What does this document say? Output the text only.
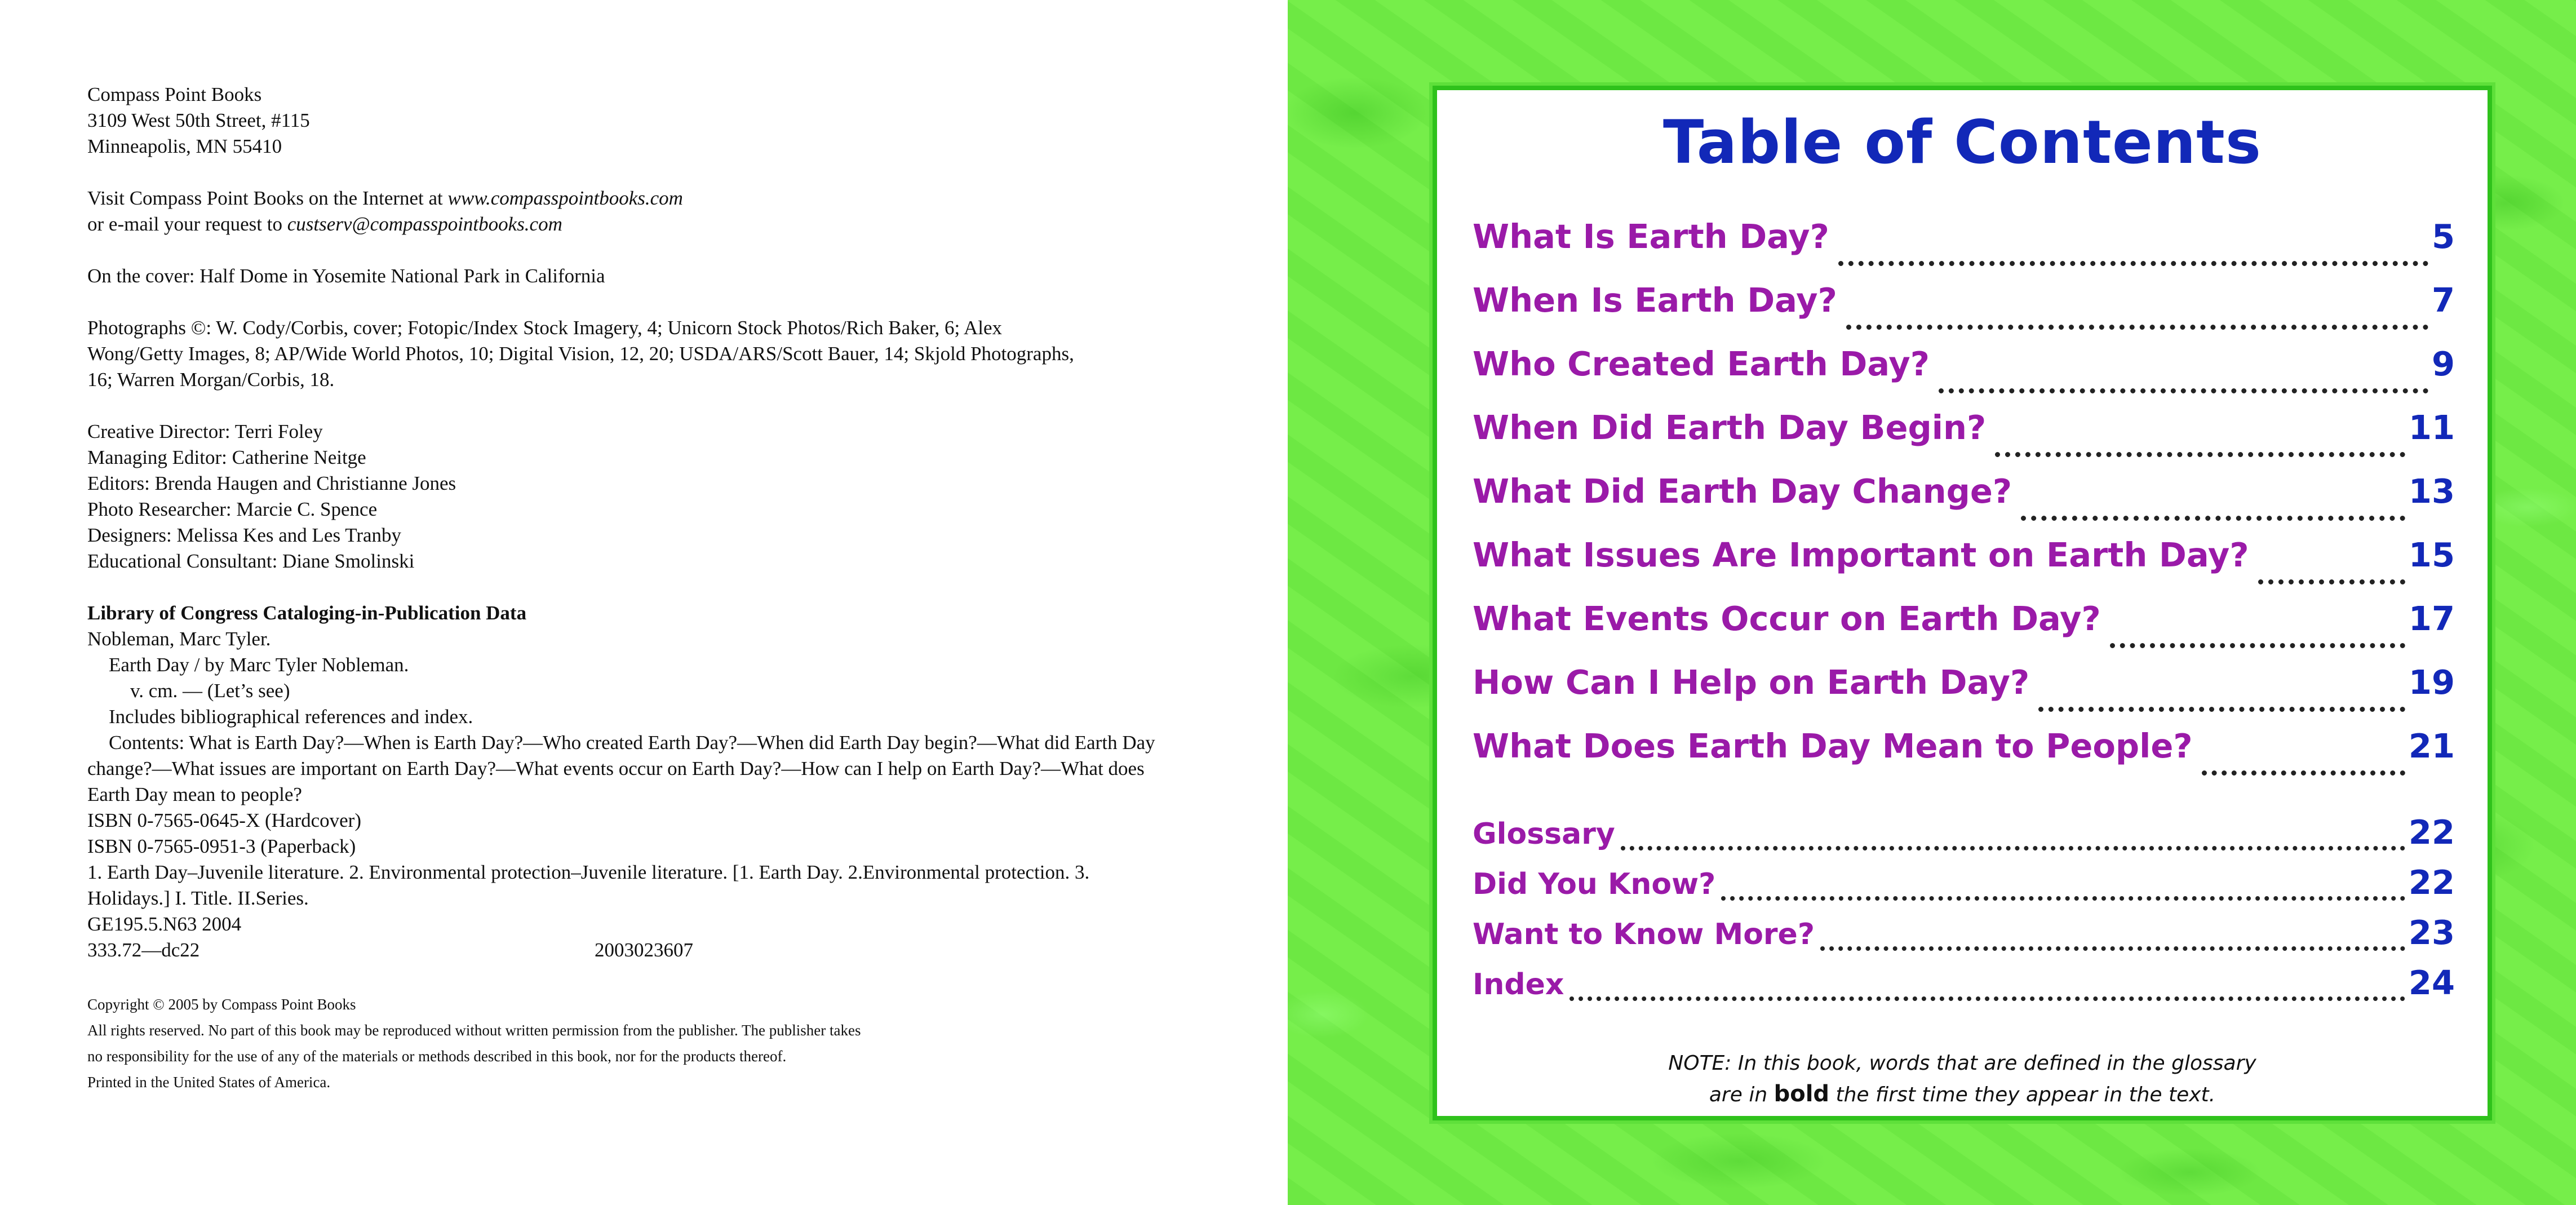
Compass Point Books
3109 West 50th Street, #115
Minneapolis, MN 55410
Visit Compass Point Books on the Internet at www.compasspointbooks.com
or e-mail your request to custserv@compasspointbooks.com
On the cover: Half Dome in Yosemite National Park in California
Photographs ©: W. Cody/Corbis, cover; Fotopic/Index Stock Imagery, 4; Unicorn Stock Photos/Rich Baker, 6; Alex Wong/Getty Images, 8; AP/Wide World Photos, 10; Digital Vision, 12, 20; USDA/ARS/Scott Bauer, 14; Skjold Photographs, 16; Warren Morgan/Corbis, 18.
Creative Director: Terri Foley
Managing Editor: Catherine Neitge
Editors: Brenda Haugen and Christianne Jones
Photo Researcher: Marcie C. Spence
Designers: Melissa Kes and Les Tranby
Educational Consultant: Diane Smolinski
Library of Congress Cataloging-in-Publication Data
Nobleman, Marc Tyler.
Earth Day / by Marc Tyler Nobleman.
v. cm. — (Let’s see)
Includes bibliographical references and index.
Contents: What is Earth Day?—When is Earth Day?—Who created Earth Day?—When did Earth Day begin?—What did Earth Day change?—What issues are important on Earth Day?—What events occur on Earth Day?—How can I help on Earth Day?—What does Earth Day mean to people?
ISBN 0-7565-0645-X (Hardcover)
ISBN 0-7565-0951-3 (Paperback)
1. Earth Day–Juvenile literature. 2. Environmental protection–Juvenile literature. [1. Earth Day. 2.Environmental protection. 3. Holidays.] I. Title. II.Series.
GE195.5.N63 2004
333.72—dc22	2003023607
Copyright © 2005 by Compass Point Books
All rights reserved. No part of this book may be reproduced without written permission from the publisher. The publisher takes
no responsibility for the use of any of the materials or methods described in this book, nor for the products thereof.
Printed in the United States of America.
Table of Contents
What Is Earth Day?	5
When Is Earth Day?	7
Who Created Earth Day?	9
When Did Earth Day Begin?	11
What Did Earth Day Change?	13
What Issues Are Important on Earth Day?	15
What Events Occur on Earth Day?	17
How Can I Help on Earth Day?	19
What Does Earth Day Mean to People?	21
Glossary	22
Did You Know?	22
Want to Know More?	23
Index	24
NOTE: In this book, words that are defined in the glossary
are in bold the first time they appear in the text.
